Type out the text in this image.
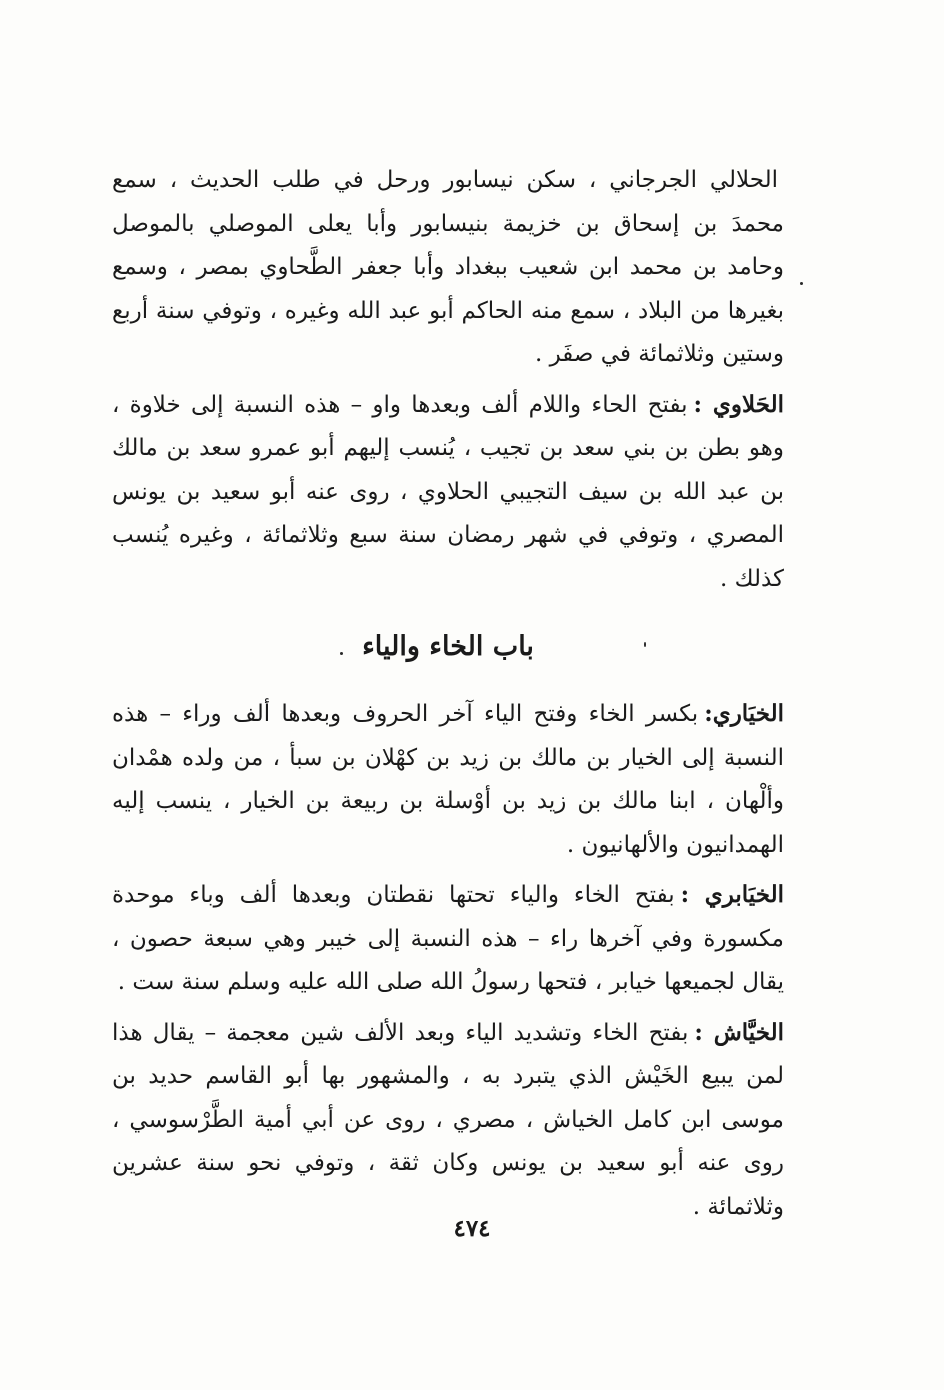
الحلالي الجرجاني ، سكن نيسابور ورحل في طلب الحديث ، سمع محمدَ بن إسحاق بن خزيمة بنيسابور وأبا يعلى الموصلي بالموصل وحامد بن محمد ابن شعيب ببغداد وأبا جعفر الطَّحاوي بمصر ، وسمع بغيرها من البلاد ، سمع منه الحاكم أبو عبد الله وغيره ، وتوفي سنة أربع وستين وثلاثمائة في صفَر .

الحَلاوي :بفتح الحاء واللام ألف وبعدها واو – هذه النسبة إلى خلاوة ، وهو بطن بن بني سعد بن تجيب ، يُنسب إليهم أبو عمرو سعد بن مالك بن عبد الله بن سيف التجيبي الحلاوي ، روى عنه أبو سعيد بن يونس المصري ، وتوفي في شهر رمضان سنة سبع وثلاثمائة ، وغيره يُنسب كذلك .

باب الخاء والياء

الخيَاري:بكسر الخاء وفتح الياء آخر الحروف وبعدها ألف وراء – هذه النسبة إلى الخيار بن مالك بن زيد بن كهْلان بن سبأ ، من ولده همْدان وألْهان ، ابنا مالك بن زيد بن أوْسلة بن ربيعة بن الخيار ، ينسب إليه الهمدانيون والألهانيون .

الخيَابري :بفتح الخاء والياء تحتها نقطتان وبعدها ألف وباء موحدة مكسورة وفي آخرها راء – هذه النسبة إلى خيبر وهي سبعة حصون ، يقال لجميعها خيابر ، فتحها رسولُ الله صلى الله عليه وسلم سنة ست .

الخيَّاش :بفتح الخاء وتشديد الياء وبعد الألف شين معجمة – يقال هذا لمن يبيع الخَيْش الذي يتبرد به ، والمشهور بها أبو القاسم حديد بن موسى ابن كامل الخياش ، مصري ، روى عن أبي أمية الطَّرْسوسي ، روى عنه أبو سعيد بن يونس وكان ثقة ، وتوفي نحو سنة عشرين وثلاثمائة .

٤٧٤
